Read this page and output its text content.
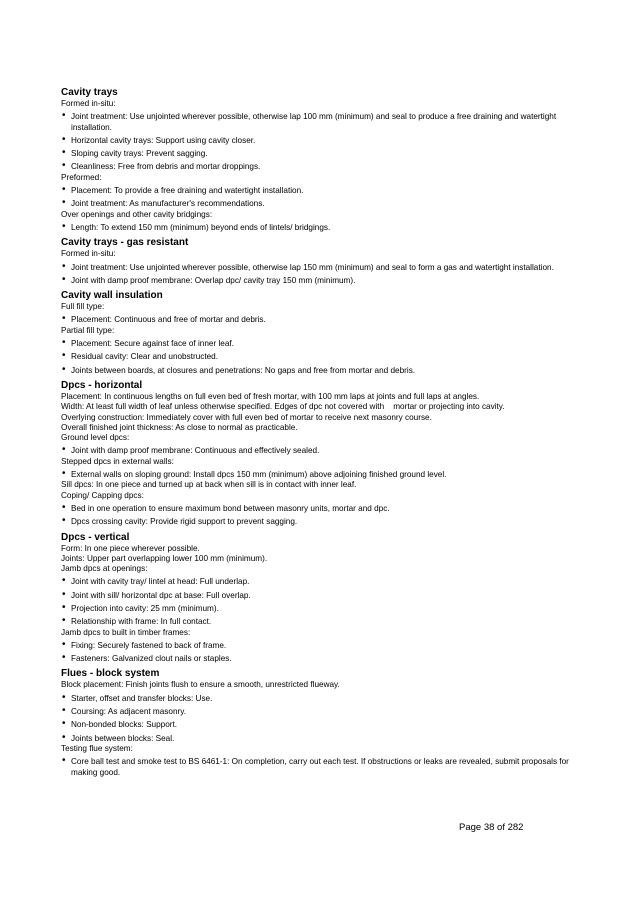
Cavity trays

Formed in-situ:

• Joint treatment: Use unjointed wherever possible, otherwise lap 100 mm (minimum) and seal to produce a free draining and watertight installation.
• Horizontal cavity trays: Support using cavity closer.
• Sloping cavity trays: Prevent sagging.
• Cleanliness: Free from debris and mortar droppings.

Preformed:

• Placement: To provide a free draining and watertight installation.
• Joint treatment: As manufacturer's recommendations.

Over openings and other cavity bridgings:

• Length: To extend 150 mm (minimum) beyond ends of lintels/ bridgings.
Cavity trays - gas resistant

Formed in-situ:

• Joint treatment: Use unjointed wherever possible, otherwise lap 150 mm (minimum) and seal to form a gas and watertight installation.
• Joint with damp proof membrane: Overlap dpc/ cavity tray 150 mm (minimum).
Cavity wall insulation

Full fill type:

• Placement: Continuous and free of mortar and debris.

Partial fill type:

• Placement: Secure against face of inner leaf.
• Residual cavity: Clear and unobstructed.
• Joints between boards, at closures and penetrations: No gaps and free from mortar and debris.
Dpcs - horizontal

Placement: In continuous lengths on full even bed of fresh mortar, with 100 mm laps at joints and full laps at angles.

Width: At least full width of leaf unless otherwise specified. Edges of dpc not covered with    mortar or projecting into cavity.

Overlying construction: Immediately cover with full even bed of mortar to receive next masonry course.

Overall finished joint thickness: As close to normal as practicable.

Ground level dpcs:

• Joint with damp proof membrane: Continuous and effectively sealed.

Stepped dpcs in external walls:

• External walls on sloping ground: Install dpcs 150 mm (minimum) above adjoining finished ground level.

Sill dpcs: In one piece and turned up at back when sill is in contact with inner leaf.

Coping/ Capping dpcs:

• Bed in one operation to ensure maximum bond between masonry units, mortar and dpc.
• Dpcs crossing cavity: Provide rigid support to prevent sagging.
Dpcs - vertical

Form: In one piece wherever possible.

Joints: Upper part overlapping lower 100 mm (minimum).

Jamb dpcs at openings:

• Joint with cavity tray/ lintel at head: Full underlap.
• Joint with sill/ horizontal dpc at base: Full overlap.
• Projection into cavity: 25 mm (minimum).
• Relationship with frame: In full contact.

Jamb dpcs to built in timber frames:

• Fixing: Securely fastened to back of frame.
• Fasteners: Galvanized clout nails or staples.
Flues - block system

Block placement: Finish joints flush to ensure a smooth, unrestricted flueway.

• Starter, offset and transfer blocks: Use.
• Coursing: As adjacent masonry.
• Non-bonded blocks: Support.
• Joints between blocks: Seal.

Testing flue system:

• Core ball test and smoke test to BS 6461-1: On completion, carry out each test. If obstructions or leaks are revealed, submit proposals for making good.
Page 38 of 282
